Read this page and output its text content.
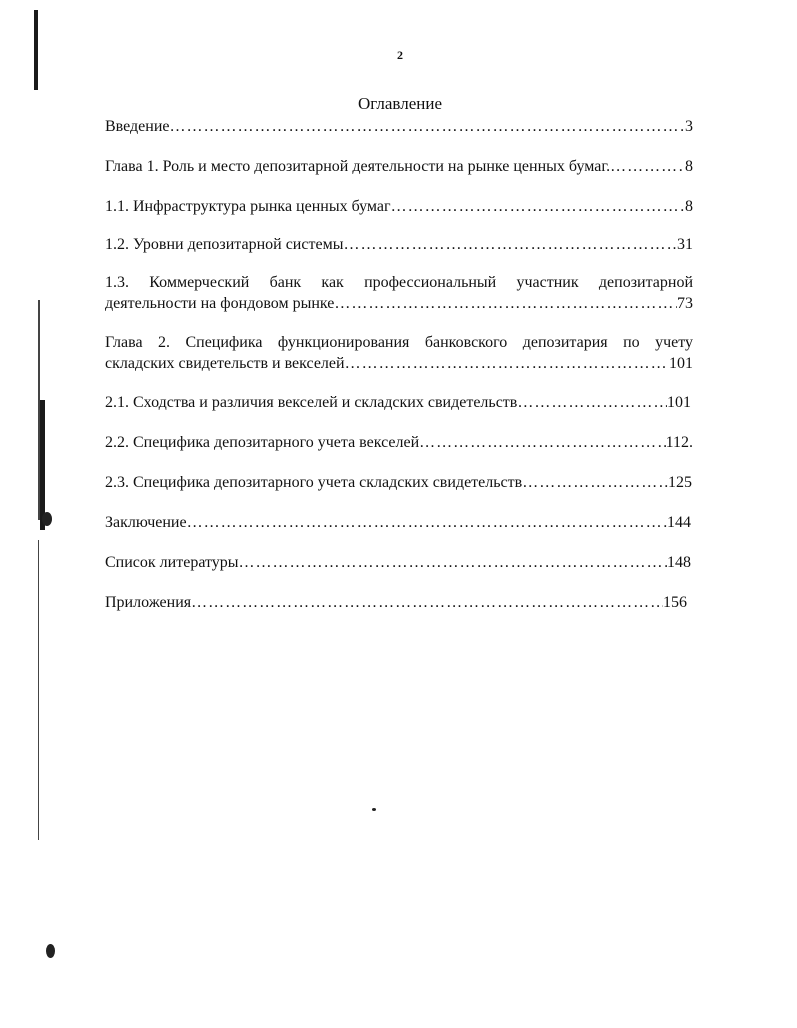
2
Оглавление
Введение …………………………………………………………………………………………………………………	3
Глава 1. Роль и место депозитарной деятельности на рынке ценных бумаг. …………………………………………………………………………………………………………………	8
1.1. Инфраструктура рынка ценных бумаг …………………………………………………………………………………………………………………	8
1.2. Уровни депозитарной системы …………………………………………………………………………………………………………………	31
1.3. Коммерческий банк как профессиональный участник депозитарной
деятельности на фондовом рынке …………………………………………………………………………………………………………………	73
Глава 2. Специфика функционирования банковского депозитария по учету
складских свидетельств и векселей …………………………………………………………………………………………………………………	101
2.1. Сходства и различия векселей и складских свидетельств …………………………………………………………………………………………………………………	101
2.2. Специфика депозитарного учета векселей …………………………………………………………………………………………………………………	112.
2.3. Специфика депозитарного учета складских свидетельств …………………………………………………………………………………………………………………	125
Заключение …………………………………………………………………………………………………………………	144
Список литературы …………………………………………………………………………………………………………………	148
Приложения …………………………………………………………………………………………………………………	156
